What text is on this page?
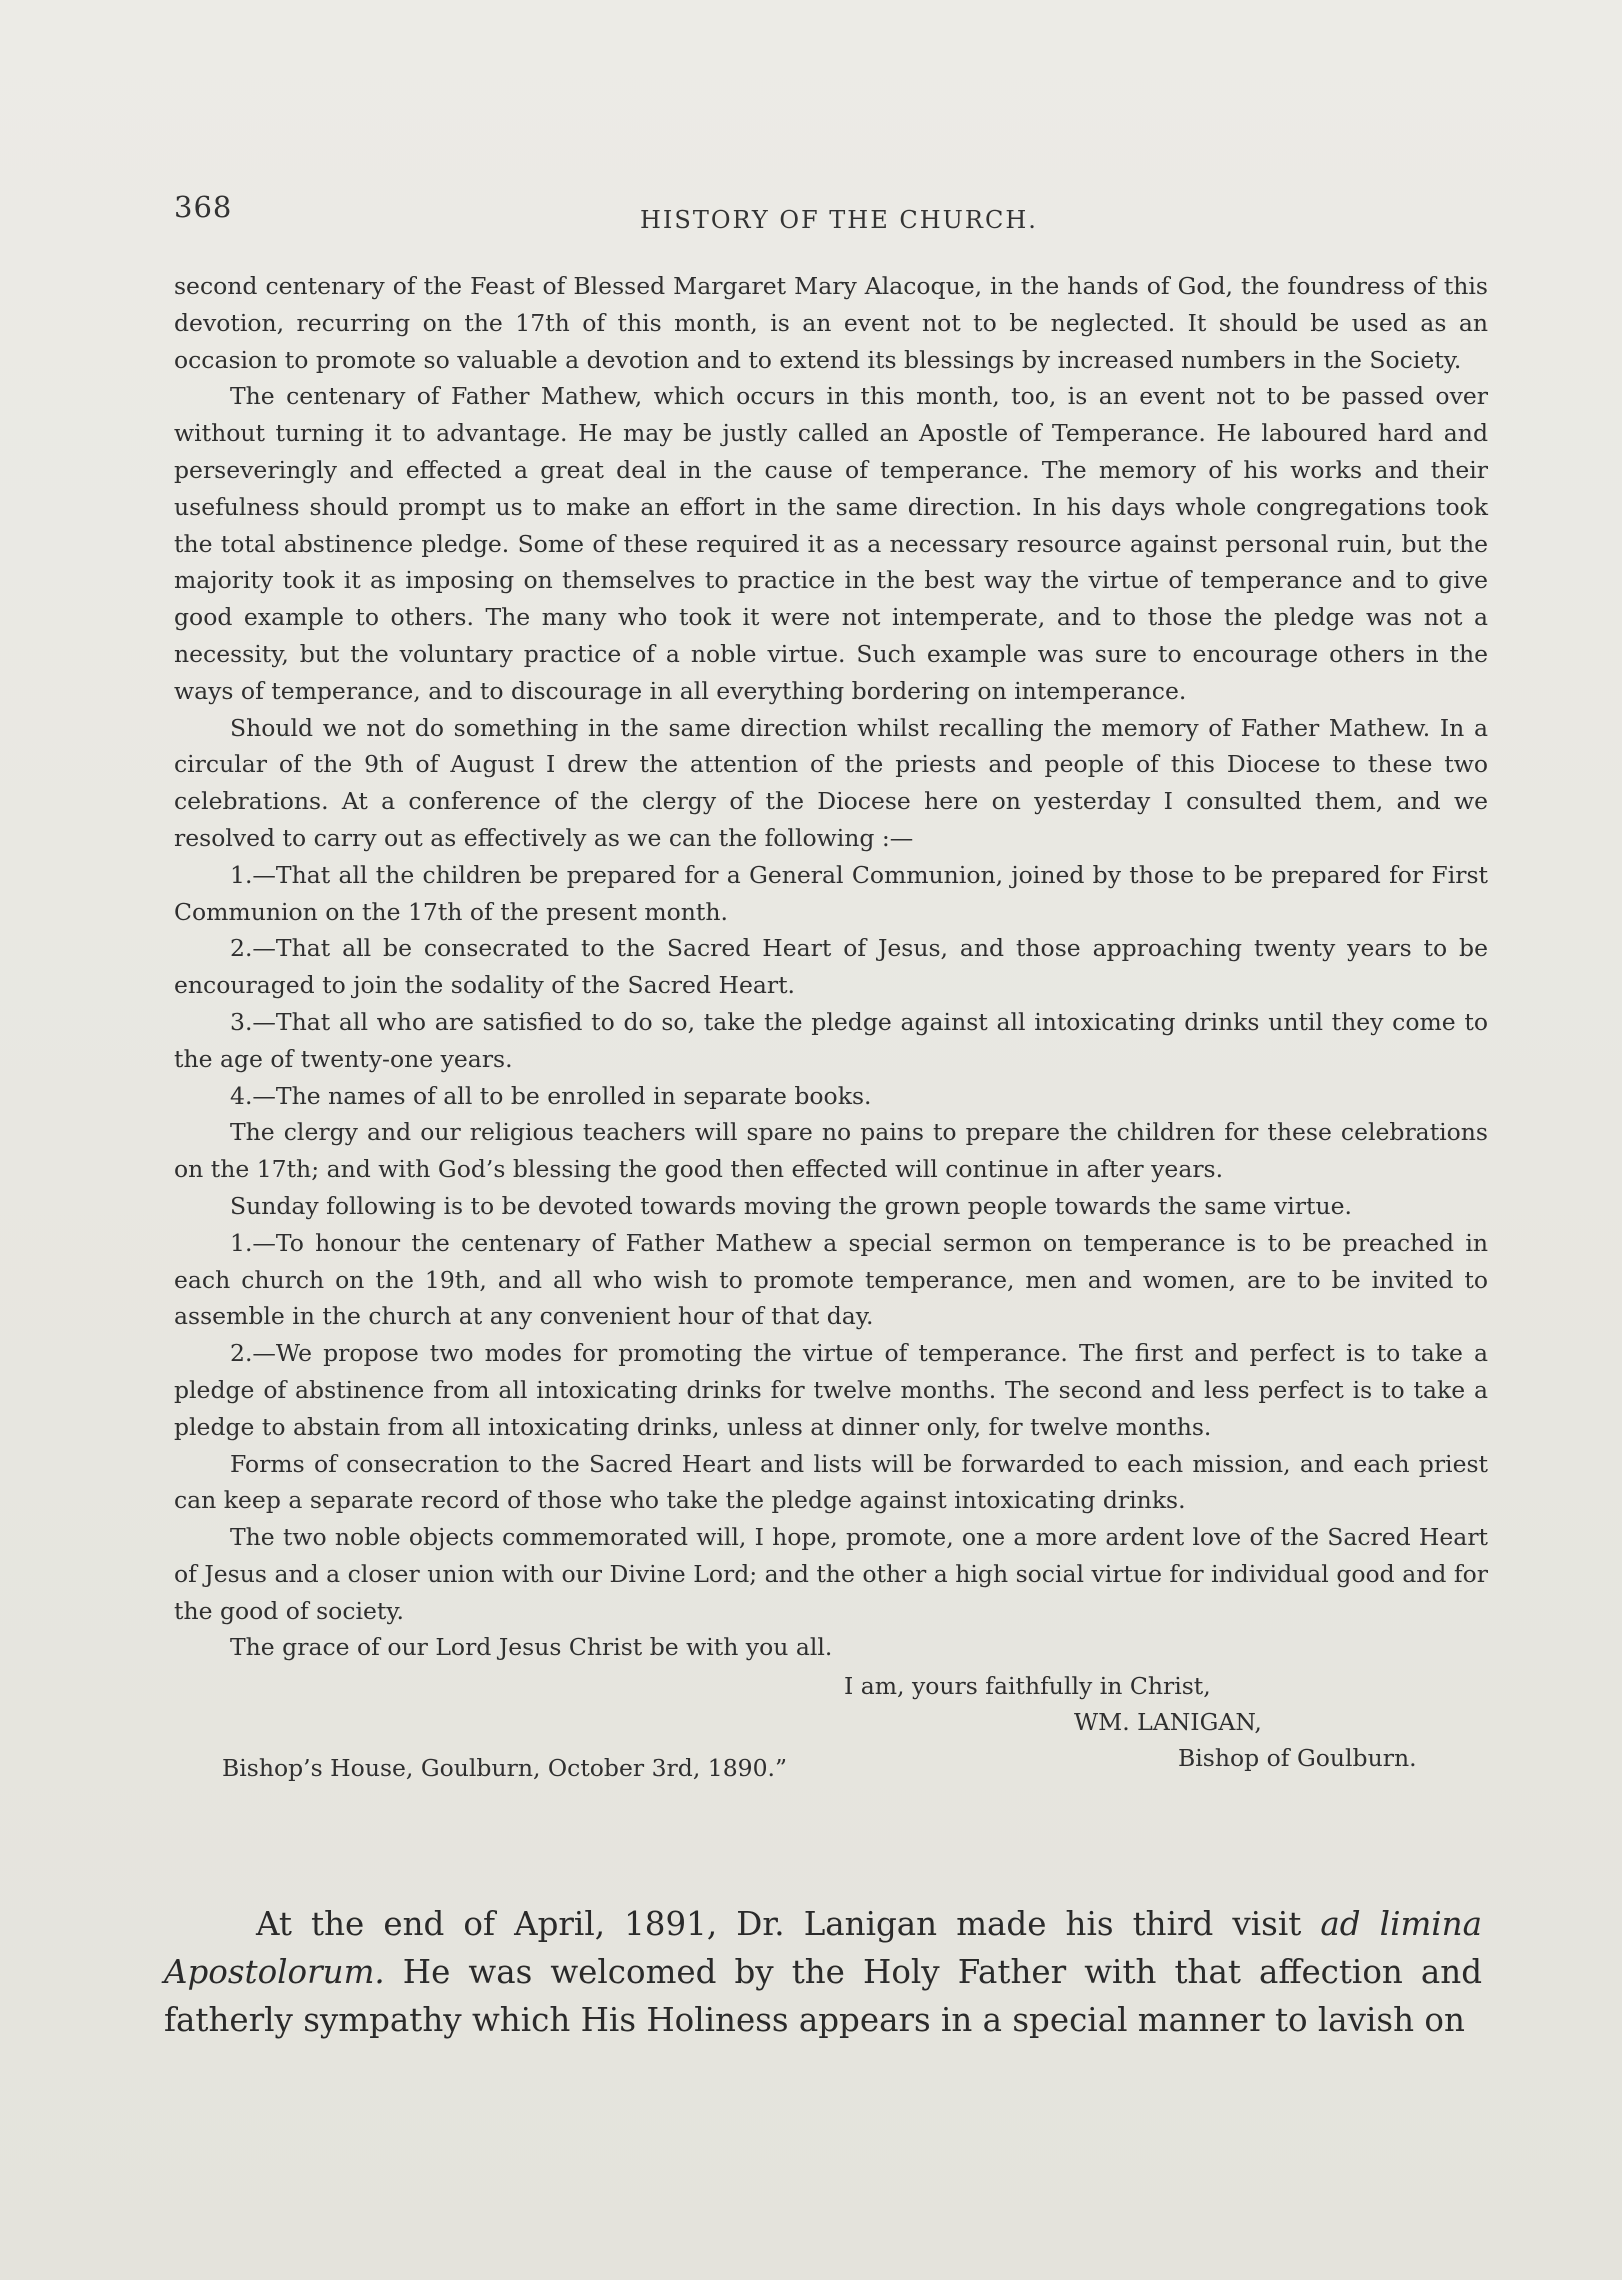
368	HISTORY OF THE CHURCH.

second centenary of the Feast of Blessed Margaret Mary Alacoque, in the hands of God, the foundress of this devotion, recurring on the 17th of this month, is an event not to be neglected. It should be used as an occasion to promote so valuable a devotion and to extend its blessings by increased numbers in the Society.

The centenary of Father Mathew, which occurs in this month, too, is an event not to be passed over without turning it to advantage. He may be justly called an Apostle of Temperance. He laboured hard and perseveringly and effected a great deal in the cause of temperance. The memory of his works and their usefulness should prompt us to make an effort in the same direction. In his days whole congregations took the total abstinence pledge. Some of these required it as a necessary resource against personal ruin, but the majority took it as imposing on themselves to practice in the best way the virtue of temperance and to give good example to others. The many who took it were not intemperate, and to those the pledge was not a necessity, but the voluntary practice of a noble virtue. Such example was sure to encourage others in the ways of temperance, and to discourage in all everything bordering on intemperance.

Should we not do something in the same direction whilst recalling the memory of Father Mathew. In a circular of the 9th of August I drew the attention of the priests and people of this Diocese to these two celebrations. At a conference of the clergy of the Diocese here on yesterday I consulted them, and we resolved to carry out as effectively as we can the following :—

1.—That all the children be prepared for a General Communion, joined by those to be prepared for First Communion on the 17th of the present month.

2.—That all be consecrated to the Sacred Heart of Jesus, and those approaching twenty years to be encouraged to join the sodality of the Sacred Heart.

3.—That all who are satisfied to do so, take the pledge against all intoxicating drinks until they come to the age of twenty-one years.

4.—The names of all to be enrolled in separate books.

The clergy and our religious teachers will spare no pains to prepare the children for these celebrations on the 17th; and with God’s blessing the good then effected will continue in after years.

Sunday following is to be devoted towards moving the grown people towards the same virtue.

1.—To honour the centenary of Father Mathew a special sermon on temperance is to be preached in each church on the 19th, and all who wish to promote temperance, men and women, are to be invited to assemble in the church at any convenient hour of that day.

2.—We propose two modes for promoting the virtue of temperance. The first and perfect is to take a pledge of abstinence from all intoxicating drinks for twelve months. The second and less perfect is to take a pledge to abstain from all intoxicating drinks, unless at dinner only, for twelve months.

Forms of consecration to the Sacred Heart and lists will be forwarded to each mission, and each priest can keep a separate record of those who take the pledge against intoxicating drinks.

The two noble objects commemorated will, I hope, promote, one a more ardent love of the Sacred Heart of Jesus and a closer union with our Divine Lord; and the other a high social virtue for individual good and for the good of society.

The grace of our Lord Jesus Christ be with you all.

I am, yours faithfully in Christ,
WM. LANIGAN,
Bishop of Goulburn.
Bishop’s House, Goulburn, October 3rd, 1890.”

At the end of April, 1891, Dr. Lanigan made his third visit ad limina Apostolorum. He was welcomed by the Holy Father with that affection and fatherly sympathy which His Holiness appears in a special manner to lavish on
